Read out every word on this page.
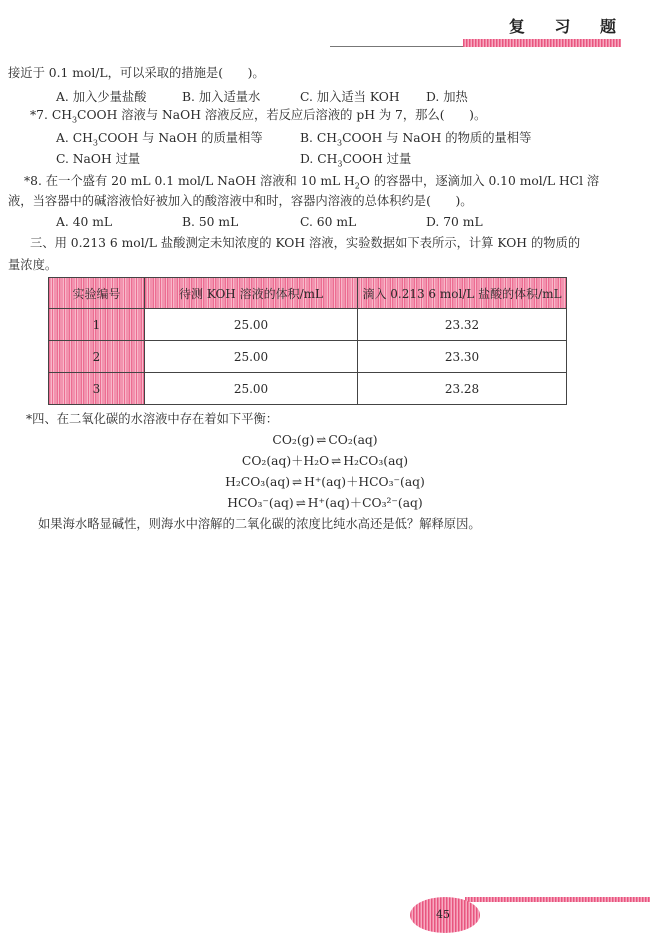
复 习 题
接近于 0.1 mol/L，可以采取的措施是(　　)。
A. 加入少量盐酸	B. 加入适量水	C. 加入适当 KOH D. 加热
*7. $CH_3COOH$ 溶液与 NaOH 溶液反应，若反应后溶液的 pH 为 7，那么(　　)。
A. $CH_3COOH$ 与 NaOH 的质量相等	B. $CH_3COOH$ 与 NaOH 的物质的量相等
C. NaOH 过量	D. $CH_3COOH$ 过量
*8. 在一个盛有 20 mL 0.1 mol/L NaOH 溶液和 10 mL $H_2O$ 的容器中，逐滴加入 0.10 mol/L HCl 溶
液，当容器中的碱溶液恰好被加入的酸溶液中和时，容器内溶液的总体积约是(　　)。
A. 40 mL	B. 50 mL	C. 60 mL	D. 70 mL
三、用 0.213 6 mol/L 盐酸测定未知浓度的 KOH 溶液，实验数据如下表所示，计算 KOH 的物质的
量浓度。
实验编号	待测 KOH 溶液的体积/mL	滴入 0.213 6 mol/L 盐酸的体积/mL
1	25.00	23.32
2	25.00	23.30
3	25.00	23.28
*四、在二氧化碳的水溶液中存在着如下平衡：
CO₂(g) ⇌ CO₂(aq)
CO₂(aq)＋H₂O ⇌ H₂CO₃(aq)
H₂CO₃(aq) ⇌ H⁺(aq)＋HCO₃⁻(aq)
HCO₃⁻(aq) ⇌ H⁺(aq)＋CO₃²⁻(aq)
如果海水略显碱性，则海水中溶解的二氧化碳的浓度比纯水高还是低？解释原因。
45
